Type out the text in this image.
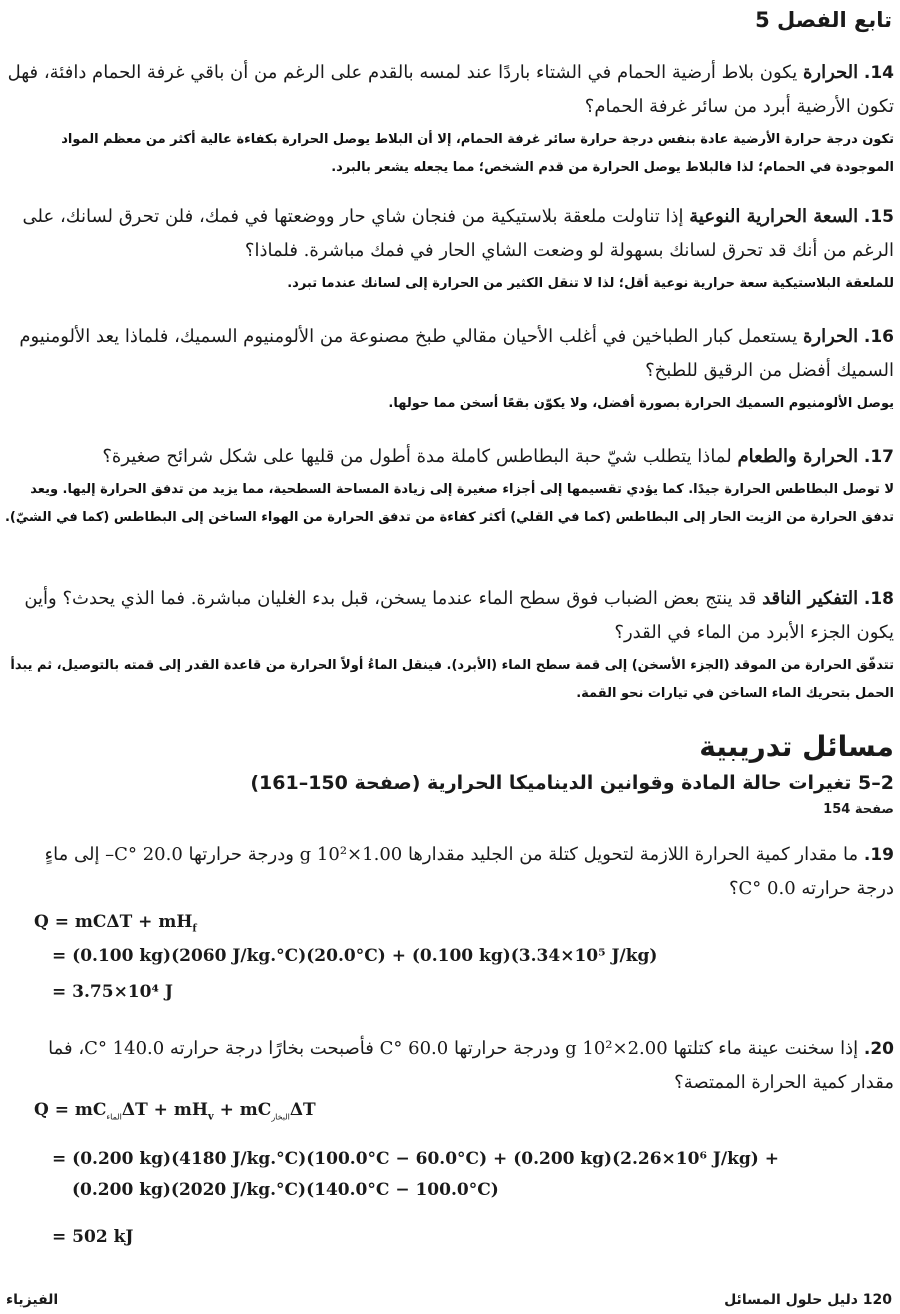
تابع الفصل 5

14. الحرارة يكون بلاط أرضية الحمام في الشتاء باردًا عند لمسه بالقدم على الرغم من أن باقي غرفة الحمام دافئة، فهل تكون الأرضية أبرد من سائر غرفة الحمام؟

تكون درجة حرارة الأرضية عادة بنفس درجة حرارة سائر غرفة الحمام، إلا أن البلاط يوصل الحرارة بكفاءة عالية أكثر من معظم المواد الموجودة في الحمام؛ لذا فالبلاط يوصل الحرارة من قدم الشخص؛ مما يجعله يشعر بالبرد.

15. السعة الحرارية النوعية إذا تناولت ملعقة بلاستيكية من فنجان شاي حار ووضعتها في فمك، فلن تحرق لسانك، على الرغم من أنك قد تحرق لسانك بسهولة لو وضعت الشاي الحار في فمك مباشرة. فلماذا؟

للملعقة البلاستيكية سعة حرارية نوعية أقل؛ لذا لا تنقل الكثير من الحرارة إلى لسانك عندما تبرد.

16. الحرارة يستعمل كبار الطباخين في أغلب الأحيان مقالي طبخ مصنوعة من الألومنيوم السميك، فلماذا يعد الألومنيوم السميك أفضل من الرقيق للطبخ؟

يوصل الألومنيوم السميك الحرارة بصورة أفضل، ولا يكوّن بقعًا أسخن مما حولها.

17. الحرارة والطعام لماذا يتطلب شيّ حبة البطاطس كاملة مدة أطول من قليها على شكل شرائح صغيرة؟

لا توصل البطاطس الحرارة جيدًا. كما يؤدي تقسيمها إلى أجزاء صغيرة إلى زيادة المساحة السطحية، مما يزيد من تدفق الحرارة إليها. ويعد تدفق الحرارة من الزيت الحار إلى البطاطس (كما في القلي) أكثر كفاءة من تدفق الحرارة من الهواء الساخن إلى البطاطس (كما في الشيّ).

18. التفكير الناقد قد ينتج بعض الضباب فوق سطح الماء عندما يسخن، قبل بدء الغليان مباشرة. فما الذي يحدث؟ وأين يكون الجزء الأبرد من الماء في القدر؟

تتدفّق الحرارة من الموقد (الجزء الأسخن) إلى قمة سطح الماء (الأبرد). فينقل الماءُ أولاً الحرارة من قاعدة القدر إلى قمته بالتوصيل، ثم يبدأ الحمل بتحريك الماء الساخن في تيارات نحو القمة.

مسائل تدريبية
2–5 تغيرات حالة المادة وقوانين الديناميكا الحرارية (صفحة 150–161)
صفحة 154

19. ما مقدار كمية الحرارة اللازمة لتحويل كتلة من الجليد مقدارها 1.00×10² g ودرجة حرارتها 20.0 °C– إلى ماءٍ درجة حرارته 0.0 °C؟

$Q = mC\Delta T + mH_f$
= (0.100 kg)(2060 J/kg.°C)(20.0°C) + (0.100 kg)(3.34×10⁵ J/kg)
= 3.75×10⁴ J

20. إذا سخنت عينة ماء كتلتها 2.00×10² g ودرجة حرارتها 60.0 °C فأصبحت بخارًا درجة حرارته 140.0 °C، فما مقدار كمية الحرارة الممتصة؟

$Q = mC_{الماء}\Delta T + mH_v + mC_{البخار}\Delta T$
= (0.200 kg)(4180 J/kg.°C)(100.0°C − 60.0°C) + (0.200 kg)(2.26×10⁶ J/kg) +
(0.200 kg)(2020 J/kg.°C)(140.0°C − 100.0°C)
= 502 kJ
120 دليل حلول المسائل
الفيزياء
